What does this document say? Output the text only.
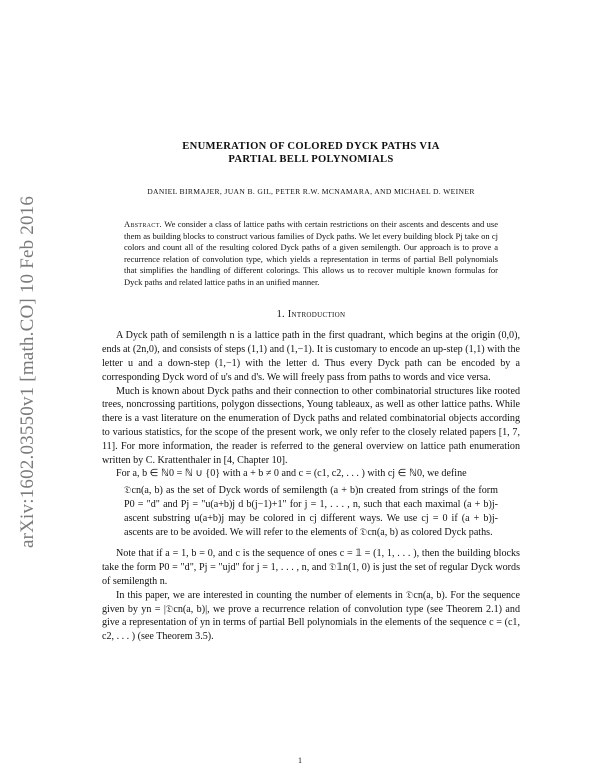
arXiv:1602.03550v1 [math.CO] 10 Feb 2016
ENUMERATION OF COLORED DYCK PATHS VIA
PARTIAL BELL POLYNOMIALS
DANIEL BIRMAJER, JUAN B. GIL, PETER R.W. MCNAMARA, AND MICHAEL D. WEINER
Abstract. We consider a class of lattice paths with certain restrictions on their ascents and descents and use them as building blocks to construct various families of Dyck paths. We let every building block Pj take on cj colors and count all of the resulting colored Dyck paths of a given semilength. Our approach is to prove a recurrence relation of convolution type, which yields a representation in terms of partial Bell polynomials that simplifies the handling of different colorings. This allows us to recover multiple known formulas for Dyck paths and related lattice paths in an unified manner.
1. Introduction

A Dyck path of semilength n is a lattice path in the first quadrant, which begins at the origin (0,0), ends at (2n,0), and consists of steps (1,1) and (1,−1). It is customary to encode an up-step (1,1) with the letter u and a down-step (1,−1) with the letter d. Thus every Dyck path can be encoded by a corresponding Dyck word of u's and d's. We will freely pass from paths to words and vice versa.

Much is known about Dyck paths and their connection to other combinatorial structures like rooted trees, noncrossing partitions, polygon dissections, Young tableaux, as well as other lattice paths. While there is a vast literature on the enumeration of Dyck paths and related combinatorial objects according to various statistics, for the scope of the present work, we only refer to the closely related papers [1, 7, 11]. For more information, the reader is referred to the general overview on lattice path enumeration written by C. Krattenthaler in [4, Chapter 10].

For a, b ∈ ℕ0 = ℕ ∪ {0} with a + b ≠ 0 and c = (c1, c2, . . . ) with cj ∈ ℕ0, we define

𝔇cn(a, b) as the set of Dyck words of semilength (a + b)n created from strings of the form P0 = "d" and Pj = "u(a+b)j d b(j−1)+1" for j = 1, . . . , n, such that each maximal (a + b)j-ascent substring u(a+b)j may be colored in cj different ways. We use cj = 0 if (a + b)j-ascents are to be avoided. We will refer to the elements of 𝔇cn(a, b) as colored Dyck paths.

Note that if a = 1, b = 0, and c is the sequence of ones c = 𝟙 = (1, 1, . . . ), then the building blocks take the form P0 = "d", Pj = "ujd" for j = 1, . . . , n, and 𝔇𝟙n(1, 0) is just the set of regular Dyck words of semilength n.

In this paper, we are interested in counting the number of elements in 𝔇cn(a, b). For the sequence given by yn = |𝔇cn(a, b)|, we prove a recurrence relation of convolution type (see Theorem 2.1) and give a representation of yn in terms of partial Bell polynomials in the elements of the sequence c = (c1, c2, . . . ) (see Theorem 3.5).

1
